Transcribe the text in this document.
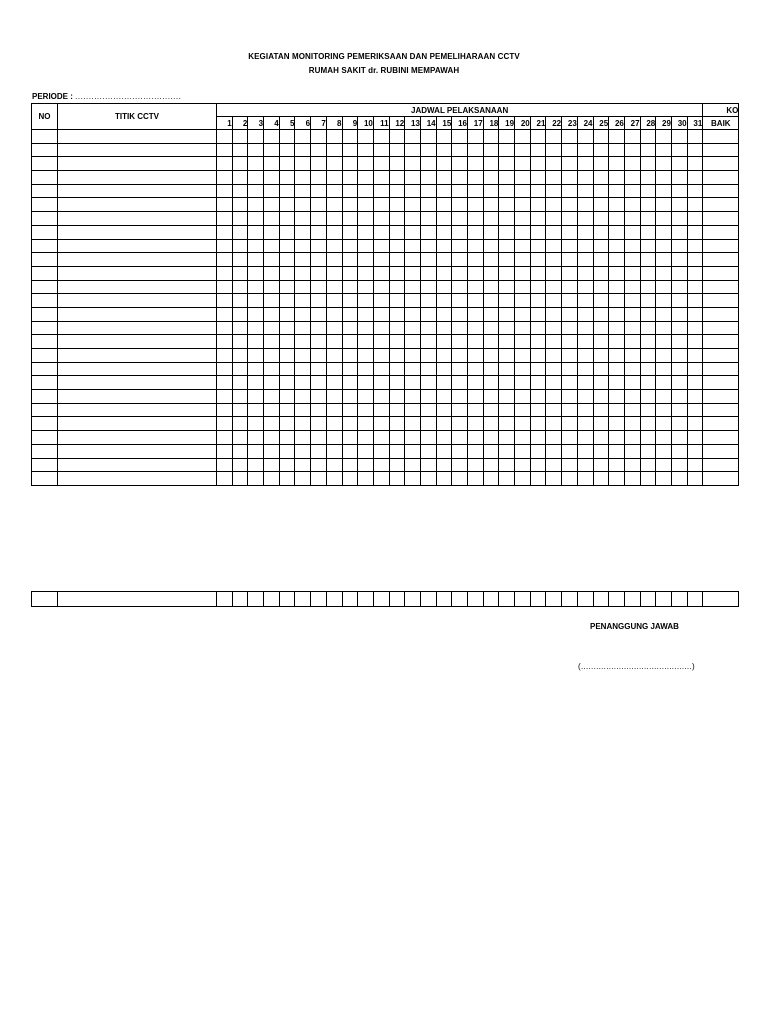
KEGIATAN MONITORING PEMERIKSAAN DAN PEMELIHARAAN CCTV
RUMAH SAKIT dr. RUBINI MEMPAWAH
PERIODE : .......................................
NO	TITIK CCTV	JADWAL PELAKSANAAN																															KO
		1	2	3	4	5	6	7	8	9	10	11	12	13	14	15	16	17	18	19	20	21	22	23	24	25	26	27	28	29	30	31	BAIK

PENANGGUNG JAWAB
(............................................)
